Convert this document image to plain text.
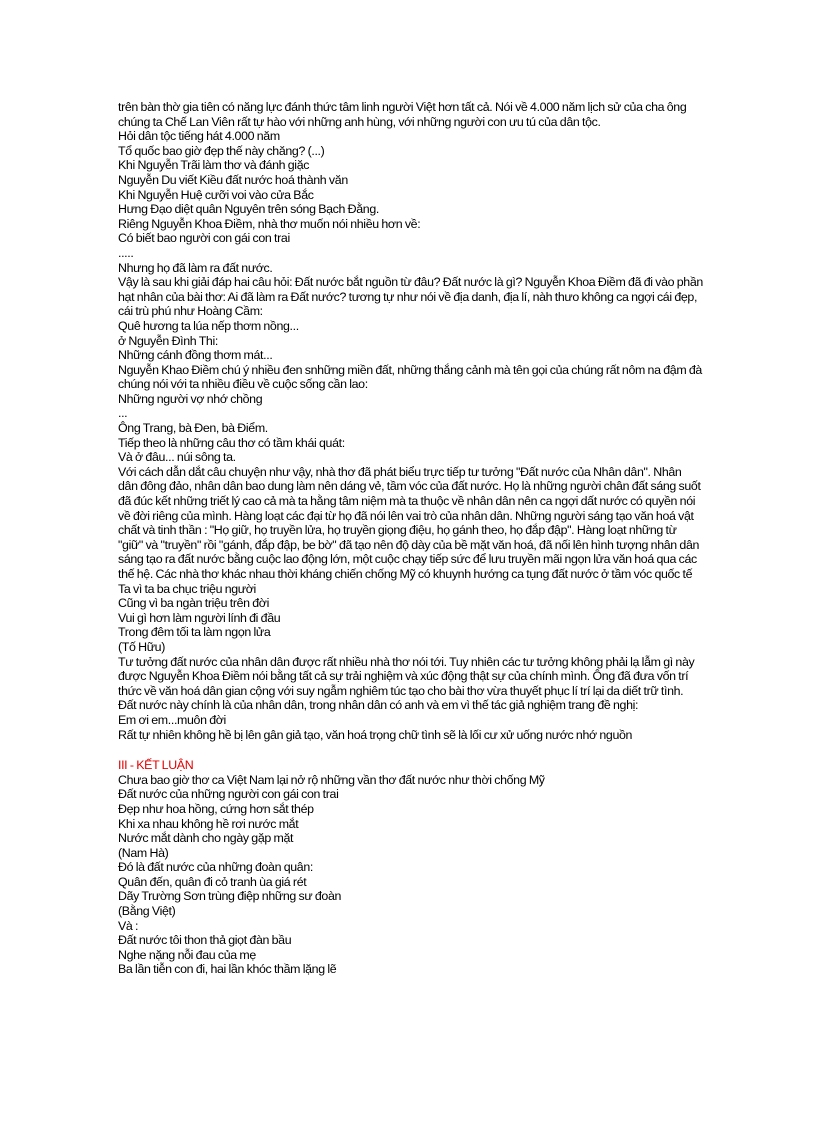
trên bàn thờ gia tiên có năng lực đánh thức tâm linh người Việt hơn tất cả. Nói về 4.000 năm lịch sử của cha ông chúng ta Chế Lan Viên rất tự hào với những anh hùng, với những người con ưu tú của dân tộc.
Hỏi dân tộc tiếng hát 4.000 năm
Tổ quốc bao giờ đẹp thế này chăng? (...)
Khi Nguyễn Trãi làm thơ và đánh giặc
Nguyễn Du viết Kiều đất nước hoá thành văn
Khi Nguyễn Huệ cưỡi voi vào cửa Bắc
Hưng Đạo diệt quân Nguyên trên sóng Bạch Đằng.
Riêng Nguyễn Khoa Điềm, nhà thơ muốn nói nhiều hơn về:
Có biết bao người con gái con trai
.....
Nhưng họ đã làm ra đất nước.
Vậy là sau khi giải đáp hai câu hỏi: Đất nước bắt nguồn từ đâu? Đất nước là gì? Nguyễn Khoa Điềm đã đi vào phần hạt nhân của bài thơ: Ai đã làm ra Đất nước? tương tự như nói về địa danh, địa lí, nàh thưo không ca ngợi cái đẹp, cái trù phú như Hoàng Cầm:
Quê hương ta lúa nếp thơm nồng...
ở Nguyễn Đình Thi:
Những cánh đồng thơm mát...
Nguyễn Khao Điềm chú ý nhiều đen snhững miền đất, những thắng cảnh mà tên gọi của chúng rất nôm na đậm đà chúng nói với ta nhiều điều về cuộc sống cần lao:
Những người vợ nhớ chồng
...
Ông Trang, bà Đen, bà Điểm.
Tiếp theo là những câu thơ có tầm khái quát:
Và ở đâu... núi sông ta.
Với cách dẫn dắt câu chuyện như vậy, nhà thơ đã phát biểu trực tiếp tư tưởng "Đất nước của Nhân dân". Nhân dân đông đảo, nhân dân bao dung làm nên dáng vẻ, tầm vóc của đất nước. Họ là những người chân đất sáng suốt đã đúc kết những triết lý cao cả mà ta hằng tâm niệm mà ta thuộc về nhân dân nên ca ngợi dất nước có quyền nói về đời riêng của mình. Hàng loạt các đại từ họ đã nói lên vai trò của nhân dân. Những người sáng tạo văn hoá vật chất và tinh thần : "Họ giữ, họ truyền lửa, họ truyền giọng điệu, họ gánh theo, họ đắp đập". Hàng loạt những từ "giữ" và "truyền" rồi "gánh, đắp đập, be bờ" đã tạo nên độ dày của bề mặt văn hoá, đã nối lên hình tượng nhân dân sáng tạo ra đất nước bằng cuộc lao động lớn, một cuộc chạy tiếp sức để lưu truyền mãi ngọn lửa văn hoá qua các thế hệ. Các nhà thơ khác nhau thời kháng chiến chống Mỹ có khuynh hướng ca tụng đất nước ở tầm vóc quốc tế
Ta vì ta ba chục triệu người
Cũng vì ba ngàn triệu trên đời
Vui gì hơn làm người lính đi đầu
Trong đêm tối ta làm ngọn lửa
(Tố Hữu)
Tư tưởng đất nước của nhân dân được rất nhiều nhà thơ nói tới. Tuy nhiên các tư tưởng không phải lạ lẫm gì này được Nguyễn Khoa Điềm nói bằng tất cả sự trải nghiệm và xúc động thật sự của chính mình. Ông đã đưa vốn trí thức về văn hoá dân gian cộng với suy ngẫm nghiêm túc tạo cho bài thơ vừa thuyết phục lí trí lại da diết trữ tình. Đất nước này chính là của nhân dân, trong nhân dân có anh và em vì thế tác giả nghiệm trang đề nghị:
Em ơi em...muôn đời
Rất tự nhiên không hề bị lên gân giả tạo, văn hoá trọng chữ tình sẽ là lối cư xử uống nước nhớ nguồn
III - KẾT LUẬN
Chưa bao giờ thơ ca Việt Nam lại nở rộ những vần thơ đất nước như thời chống Mỹ
Đất nước của những người con gái con trai
Đẹp như hoa hồng, cứng hơn sắt thép
Khi xa nhau không hề rơi nước mắt
Nước mắt dành cho ngày gặp mặt
(Nam Hà)
Đó là đất nước của những đoàn quân:
Quân đến, quân đi cỏ tranh ùa giá rét
Dãy Trường Sơn trùng điệp những sư đoàn
(Bằng Việt)
Và :
Đất nước tôi thon thả giọt đàn bầu
Nghe nặng nỗi đau của mẹ
Ba lần tiễn con đi, hai lần khóc thầm lặng lẽ
